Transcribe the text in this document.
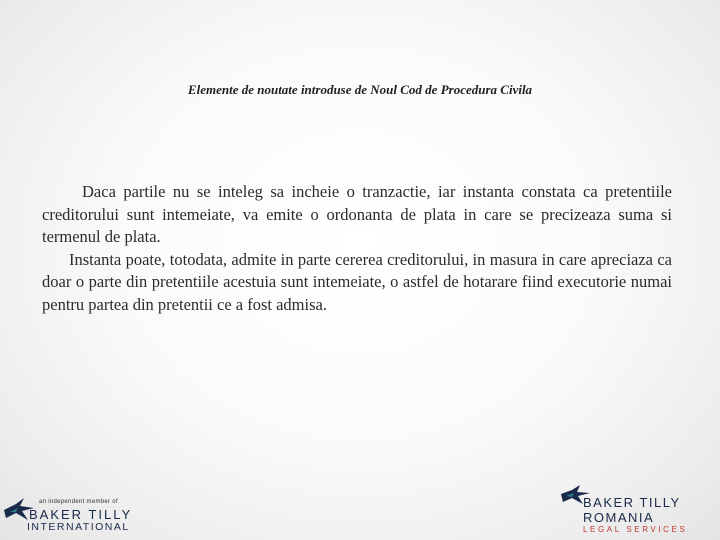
Elemente de noutate introduse de Noul Cod de Procedura Civila

Daca partile nu se inteleg sa incheie o tranzactie, iar instanta constata ca pretentiile creditorului sunt intemeiate, va emite o ordonanta de plata in care se precizeaza suma si termenul de plata.

Instanta poate, totodata, admite in parte cererea creditorului, in masura in care apreciaza ca doar o parte din pretentiile acestuia sunt intemeiate, o astfel de hotarare fiind executorie numai pentru partea din pretentii ce a fost admisa.

an independent member of
BAKER TILLY
INTERNATIONAL
BAKER TILLY
ROMANIA
LEGAL SERVICES
